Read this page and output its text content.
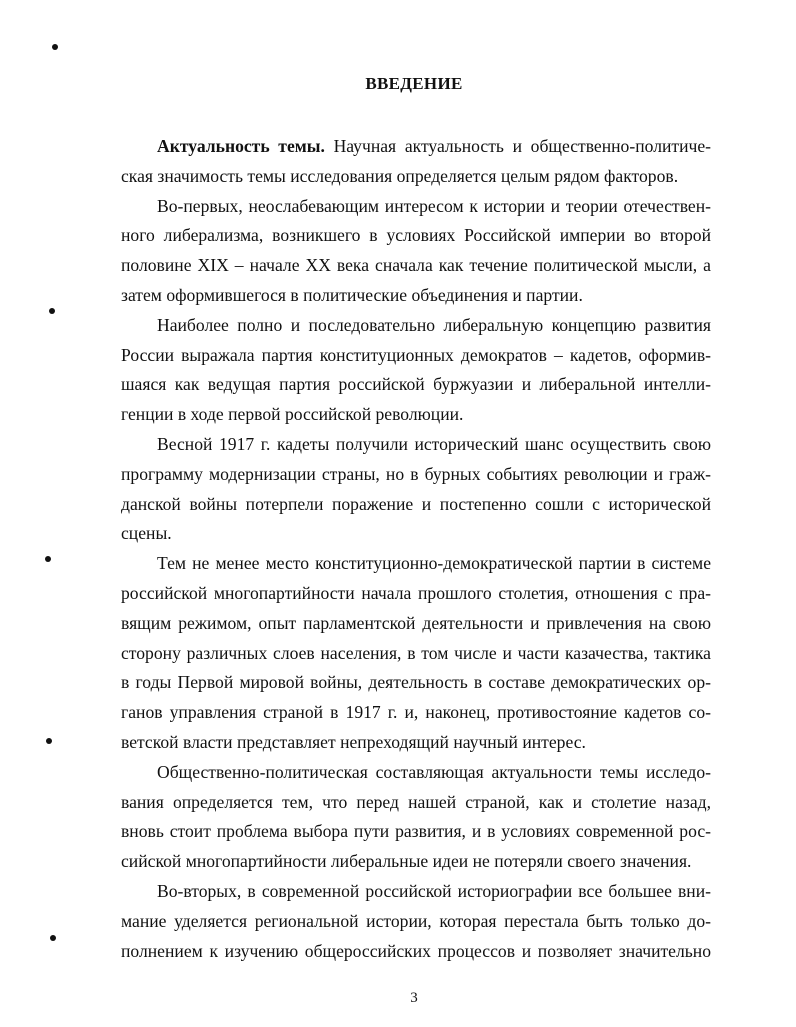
ВВЕДЕНИЕ
Актуальность темы. Научная актуальность и общественно-политиче-
ская значимость темы исследования определяется целым рядом факторов.
Во-первых, неослабевающим интересом к истории и теории отечествен-
ного либерализма, возникшего в условиях Российской империи во второй
половине XIX – начале XX века сначала как течение политической мысли, а
затем оформившегося в политические объединения и партии.
Наиболее полно и последовательно либеральную концепцию развития
России выражала партия конституционных демократов – кадетов, оформив-
шаяся как ведущая партия российской буржуазии и либеральной интелли-
генции в ходе первой российской революции.
Весной 1917 г. кадеты получили исторический шанс осуществить свою
программу модернизации страны, но в бурных событиях революции и граж-
данской войны потерпели поражение и постепенно сошли с исторической
сцены.
Тем не менее место конституционно-демократической партии в системе
российской многопартийности начала прошлого столетия, отношения с пра-
вящим режимом, опыт парламентской деятельности и привлечения на свою
сторону различных слоев населения, в том числе и части казачества, тактика
в годы Первой мировой войны, деятельность в составе демократических ор-
ганов управления страной в 1917 г. и, наконец, противостояние кадетов со-
ветской власти представляет непреходящий научный интерес.
Общественно-политическая составляющая актуальности темы исследо-
вания определяется тем, что перед нашей страной, как и столетие назад,
вновь стоит проблема выбора пути развития, и в условиях современной рос-
сийской многопартийности либеральные идеи не потеряли своего значения.
Во-вторых, в современной российской историографии все большее вни-
мание уделяется региональной истории, которая перестала быть только до-
полнением к изучению общероссийских процессов и позволяет значительно
3
